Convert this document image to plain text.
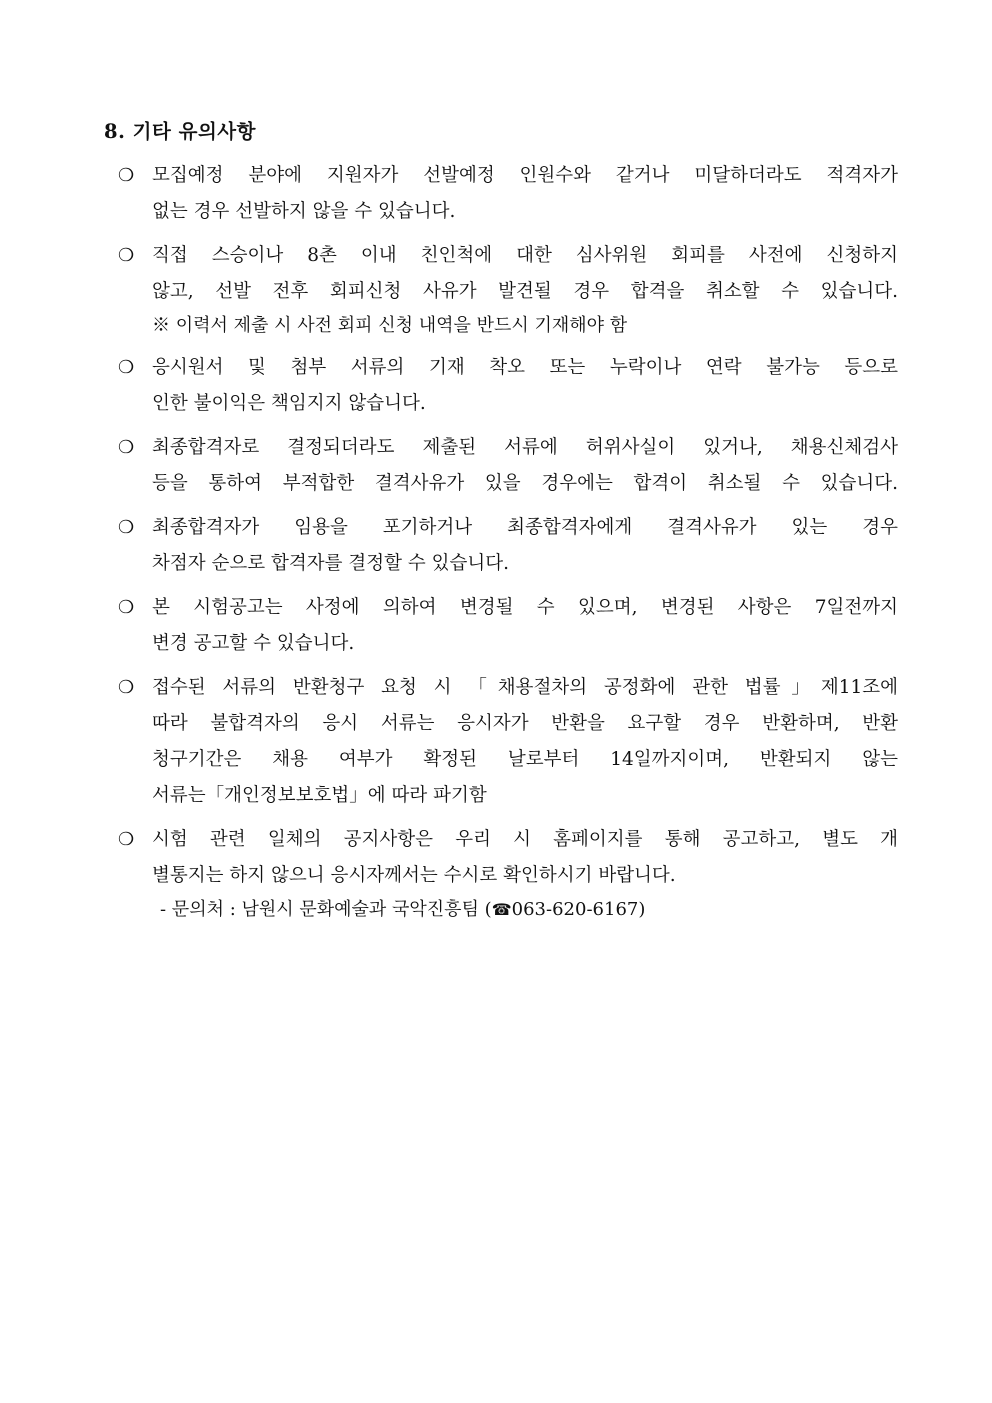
8. 기타 유의사항
❍ 모집예정 분야에 지원자가 선발예정 인원수와 같거나 미달하더라도 적격자가
없는 경우 선발하지 않을 수 있습니다.
❍ 직접 스승이나 8촌 이내 친인척에 대한 심사위원 회피를 사전에 신청하지
않고, 선발 전후 회피신청 사유가 발견될 경우 합격을 취소할 수 있습니다.
※ 이력서 제출 시 사전 회피 신청 내역을 반드시 기재해야 함
❍ 응시원서 및 첨부 서류의 기재 착오 또는 누락이나 연락 불가능 등으로
인한 불이익은 책임지지 않습니다.
❍ 최종합격자로 결정되더라도 제출된 서류에 허위사실이 있거나, 채용신체검사
등을 통하여 부적합한 결격사유가 있을 경우에는 합격이 취소될 수 있습니다.
❍ 최종합격자가 임용을 포기하거나 최종합격자에게 결격사유가 있는 경우
차점자 순으로 합격자를 결정할 수 있습니다.
❍ 본 시험공고는 사정에 의하여 변경될 수 있으며, 변경된 사항은 7일전까지
변경 공고할 수 있습니다.
❍ 접수된 서류의 반환청구 요청 시 「채용절차의 공정화에 관한 법률」제11조에
따라 불합격자의 응시 서류는 응시자가 반환을 요구할 경우 반환하며, 반환
청구기간은 채용 여부가 확정된 날로부터 14일까지이며, 반환되지 않는
서류는「개인정보보호법」에 따라 파기함
❍ 시험 관련 일체의 공지사항은 우리 시 홈페이지를 통해 공고하고, 별도 개
별통지는 하지 않으니 응시자께서는 수시로 확인하시기 바랍니다.
- 문의처 : 남원시 문화예술과 국악진흥팀 (☎063-620-6167)
